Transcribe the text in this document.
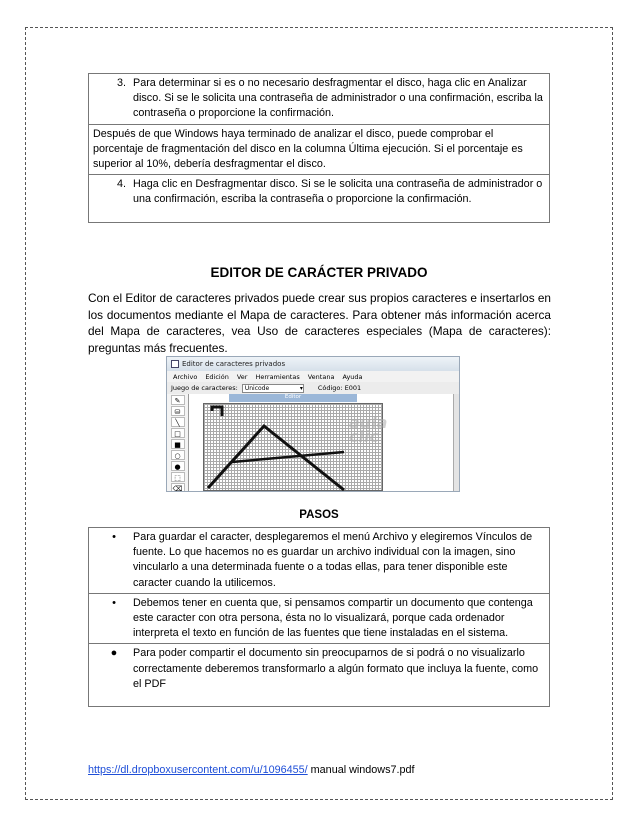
3. Para determinar si es o no necesario desfragmentar el disco, haga clic en Analizar disco. Si se le solicita una contraseña de administrador o una confirmación, escriba la contraseña o proporcione la confirmación.
Después de que Windows haya terminado de analizar el disco, puede comprobar el porcentaje de fragmentación del disco en la columna Última ejecución. Si el porcentaje es superior al 10%, debería desfragmentar el disco.
4. Haga clic en Desfragmentar disco. Si se le solicita una contraseña de administrador o una confirmación, escriba la contraseña o proporcione la confirmación.
EDITOR DE CARÁCTER PRIVADO
Con el Editor de caracteres privados puede crear sus propios caracteres e insertarlos en los documentos mediante el Mapa de caracteres. Para obtener más información acerca del Mapa de caracteres, vea Uso de caracteres especiales (Mapa de caracteres): preguntas más frecuentes.
Editor de caracteres privados
Archivo Edición Ver Herramientas Ventana Ayuda
Juego de caracteres: Unicode	▾ Código: E001
✎
⛁
╲
□
■
○
●
⬚
⌫
Editor
aula
clic
PASOS
•	Para guardar el caracter, desplegaremos el menú Archivo y elegiremos Vínculos de fuente. Lo que hacemos no es guardar un archivo individual con la imagen, sino vincularlo a una determinada fuente o a todas ellas, para tener disponible este caracter cuando la utilicemos.
•	Debemos tener en cuenta que, si pensamos compartir un documento que contenga este caracter con otra persona, ésta no lo visualizará, porque cada ordenador interpreta el texto en función de las fuentes que tiene instaladas en el sistema.
●	Para poder compartir el documento sin preocuparnos de si podrá o no visualizarlo correctamente deberemos transformarlo a algún formato que incluya la fuente, como el PDF
https://dl.dropboxusercontent.com/u/1096455/ manual windows7.pdf
